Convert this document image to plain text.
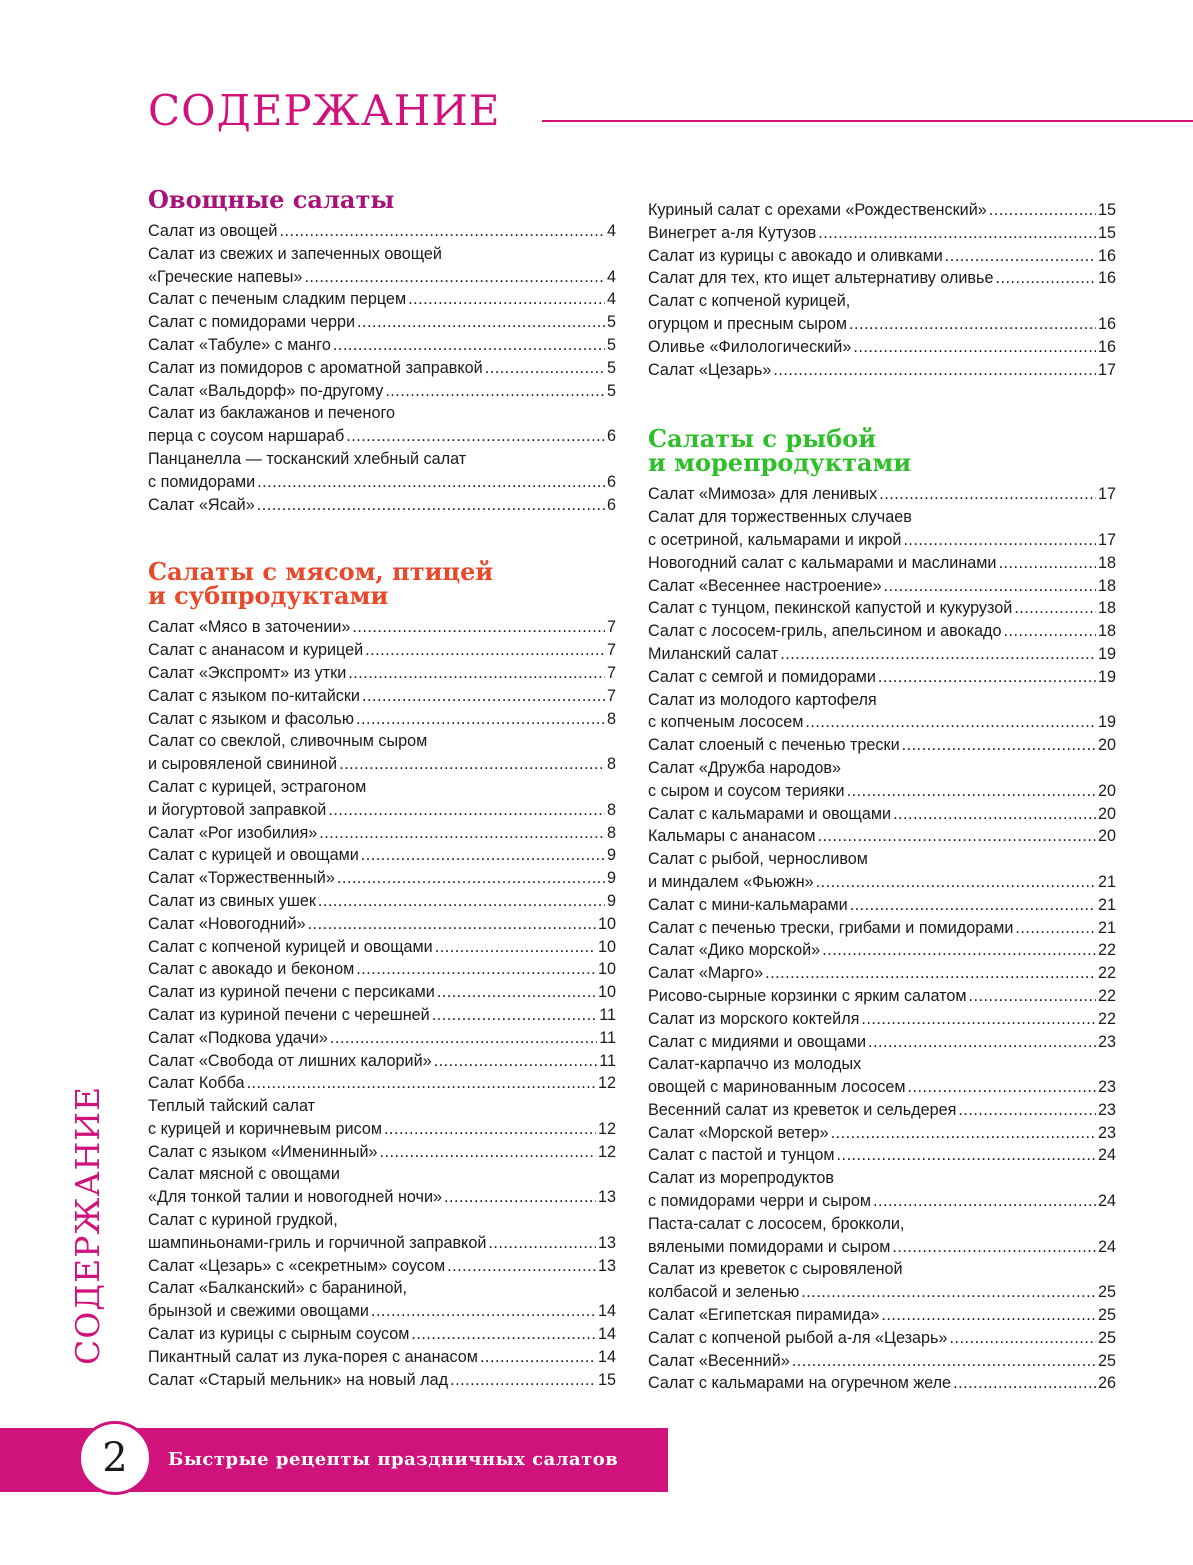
СОДЕРЖАНИЕ
СОДЕРЖАНИЕ
Овощные салаты
Салат из овощей .....	4
Салат из свежих и запеченных овощей
«Греческие напевы» .....	4
Салат с печеным сладким перцем .....	4
Салат с помидорами черри .....	5
Салат «Табуле» с манго .....	5
Салат из помидоров с ароматной заправкой .....	5
Салат «Вальдорф» по-другому .....	5
Салат из баклажанов и печеного
перца с соусом наршараб .....	6
Панцанелла — тосканский хлебный салат
с помидорами .....	6
Салат «Ясай» .....	6
Салаты с мясом, птицей
и субпродуктами
Салат «Мясо в заточении» .....	7
Салат с ананасом и курицей .....	7
Салат «Экспромт» из утки .....	7
Салат с языком по-китайски .....	7
Салат с языком и фасолью .....	8
Салат со свеклой, сливочным сыром
и сыровяленой свининой .....	8
Салат с курицей, эстрагоном
и йогуртовой заправкой .....	8
Салат «Рог изобилия» .....	8
Салат с курицей и овощами .....	9
Салат «Торжественный» .....	9
Салат из свиных ушек .....	9
Салат «Новогодний» .....	10
Салат с копченой курицей и овощами .....	10
Салат с авокадо и беконом .....	10
Салат из куриной печени с персиками .....	10
Салат из куриной печени с черешней .....	11
Салат «Подкова удачи» .....	11
Салат «Свобода от лишних калорий» .....	11
Салат Кобба .....	12
Теплый тайский салат
с курицей и коричневым рисом .....	12
Салат с языком «Именинный» .....	12
Салат мясной с овощами
«Для тонкой талии и новогодней ночи» .....	13
Салат с куриной грудкой,
шампиньонами-гриль и горчичной заправкой .....	13
Салат «Цезарь» с «секретным» соусом .....	13
Салат «Балканский» с бараниной,
брынзой и свежими овощами .....	14
Салат из курицы с сырным соусом .....	14
Пикантный салат из лука-порея с ананасом .....	14
Салат «Старый мельник» на новый лад .....	15
Куриный салат с орехами «Рождественский» .....	15
Винегрет а-ля Кутузов .....	15
Салат из курицы с авокадо и оливками .....	16
Салат для тех, кто ищет альтернативу оливье .....	16
Салат с копченой курицей,
огурцом и пресным сыром .....	16
Оливье «Филологический» .....	16
Салат «Цезарь» .....	17
Салаты с рыбой
и морепродуктами
Салат «Мимоза» для ленивых .....	17
Салат для торжественных случаев
с осетриной, кальмарами и икрой .....	17
Новогодний салат с кальмарами и маслинами .....	18
Салат «Весеннее настроение» .....	18
Салат с тунцом, пекинской капустой и кукурузой .....	18
Салат с лососем-гриль, апельсином и авокадо .....	18
Миланский салат .....	19
Салат с семгой и помидорами .....	19
Салат из молодого картофеля
с копченым лососем .....	19
Салат слоеный с печенью трески .....	20
Салат «Дружба народов»
с сыром и соусом терияки .....	20
Салат с кальмарами и овощами .....	20
Кальмары с ананасом .....	20
Салат с рыбой, черносливом
и миндалем «Фьюжн» .....	21
Салат с мини-кальмарами .....	21
Салат с печенью трески, грибами и помидорами .....	21
Салат «Дико морской» .....	22
Салат «Марго» .....	22
Рисово-сырные корзинки с ярким салатом .....	22
Салат из морского коктейля .....	22
Салат с мидиями и овощами .....	23
Салат-карпаччо из молодых
овощей с маринованным лососем .....	23
Весенний салат из креветок и сельдерея .....	23
Салат «Морской ветер» .....	23
Салат с пастой и тунцом .....	24
Салат из морепродуктов
с помидорами черри и сыром .....	24
Паста-салат с лососем, брокколи,
вялеными помидорами и сыром .....	24
Салат из креветок с сыровяленой
колбасой и зеленью .....	25
Салат «Египетская пирамида» .....	25
Салат с копченой рыбой а-ля «Цезарь» .....	25
Салат «Весенний» .....	25
Салат с кальмарами на огуречном желе .....	26
Быстрые рецепты праздничных салатов
2
